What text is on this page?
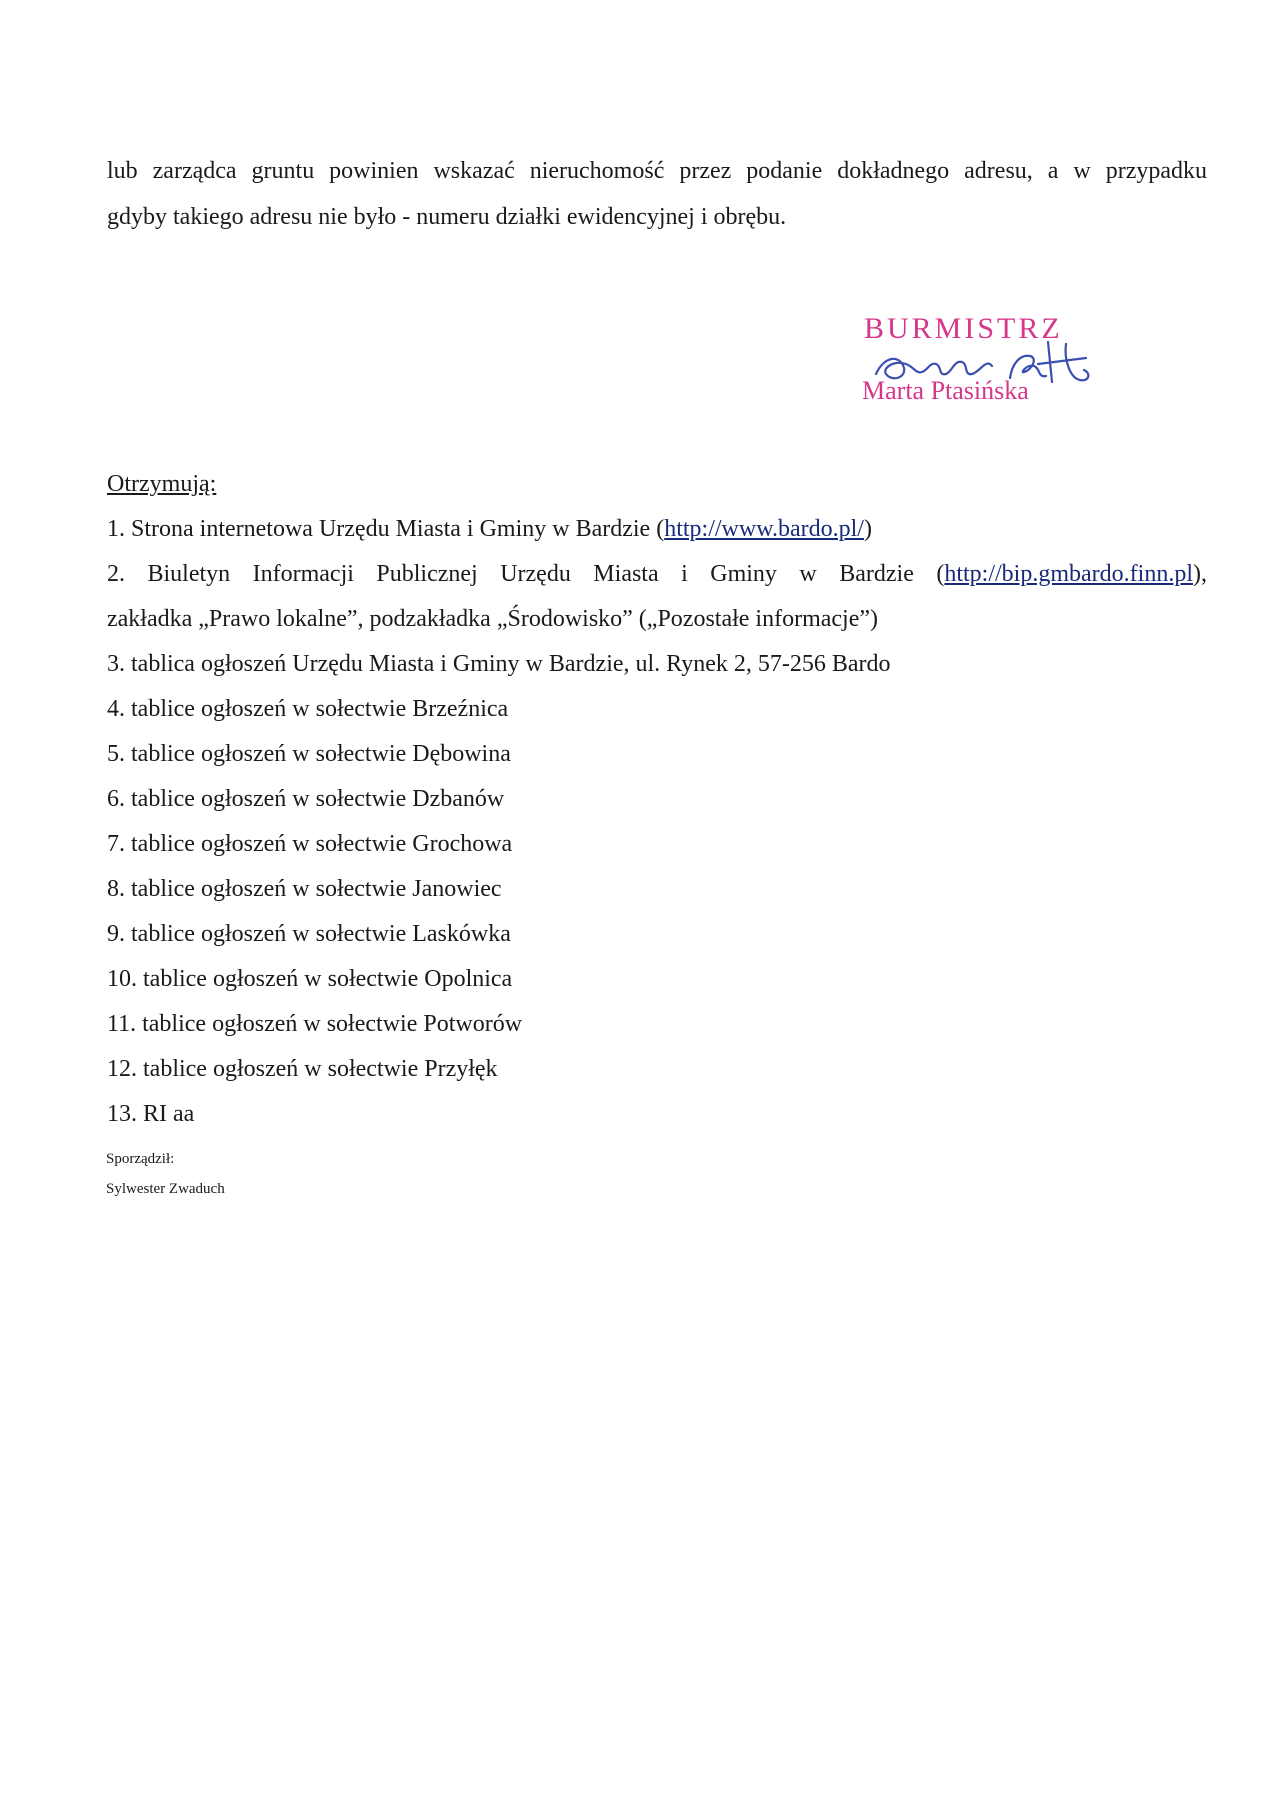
lub zarządca gruntu powinien wskazać nieruchomość przez podanie dokładnego adresu, a w przypadku
gdyby takiego adresu nie było - numeru działki ewidencyjnej i obrębu.

BURMISTRZ

Marta Ptasińska

Otrzymują:
1. Strona internetowa Urzędu Miasta i Gminy w Bardzie (http://www.bardo.pl/)
2. Biuletyn Informacji Publicznej Urzędu Miasta i Gminy w Bardzie (http://bip.gmbardo.finn.pl),
zakładka „Prawo lokalne”, podzakładka „Środowisko” („Pozostałe informacje”)
3. tablica ogłoszeń Urzędu Miasta i Gminy w Bardzie, ul. Rynek 2, 57-256 Bardo
4. tablice ogłoszeń w sołectwie Brzeźnica
5. tablice ogłoszeń w sołectwie Dębowina
6. tablice ogłoszeń w sołectwie Dzbanów
7. tablice ogłoszeń w sołectwie Grochowa
8. tablice ogłoszeń w sołectwie Janowiec
9. tablice ogłoszeń w sołectwie Laskówka
10. tablice ogłoszeń w sołectwie Opolnica
11. tablice ogłoszeń w sołectwie Potworów
12. tablice ogłoszeń w sołectwie Przyłęk
13. RI aa

Sporządził:
Sylwester Zwaduch
